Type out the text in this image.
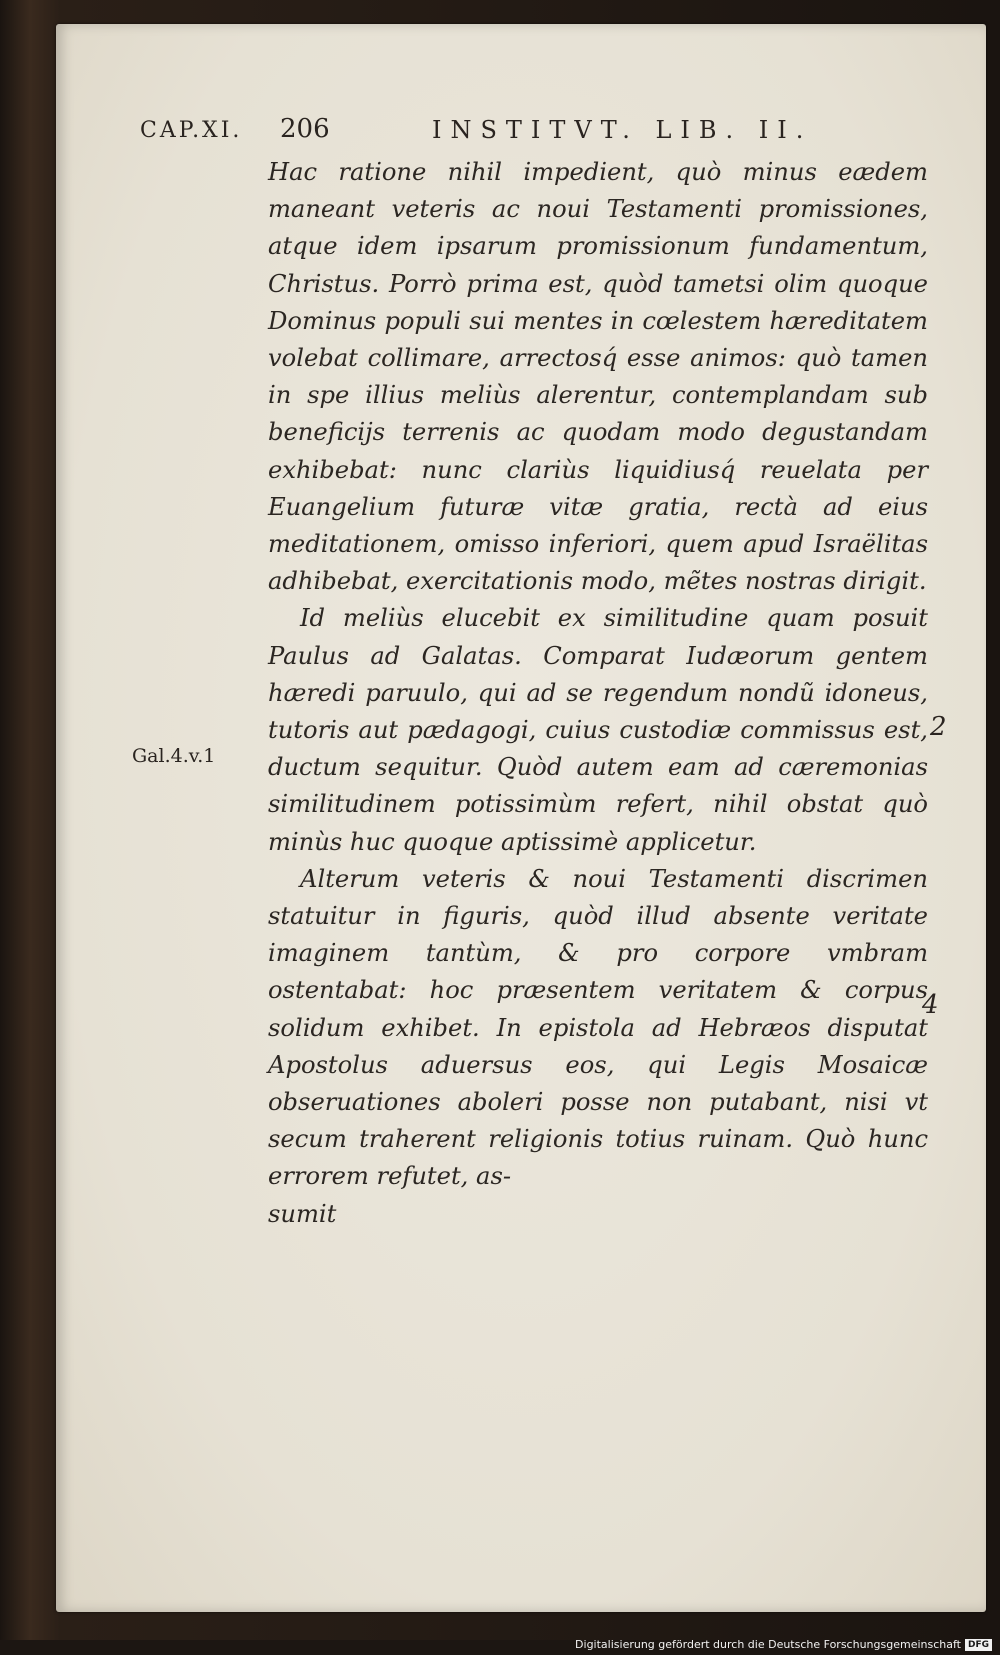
CAP.XI. 206	INSTITVT. LIB. II.
Gal.4.v.1
2
4

Hac ratione nihil impedient, quò minus eædem maneant veteris ac noui Testamenti promissiones, atque idem ipsarum promissionum fundamentum, Christus. Porrò prima est, quòd tametsi olim quoque Dominus populi sui mentes in cœlestem hæreditatem volebat collimare, arrectosq́ esse animos: quò tamen in spe illius meliùs alerentur, contemplandam sub beneficijs terrenis ac quodam modo degustandam exhibebat: nunc clariùs liquidiusq́ reuelata per Euangelium futuræ vitæ gratia, rectà ad eius meditationem, omisso inferiori, quem apud Israëlitas adhibebat, exercitationis modo, mẽtes nostras dirigit.

Id meliùs elucebit ex similitudine quam posuit Paulus ad Galatas. Comparat Iudæorum gentem hæredi paruulo, qui ad se regendum nondũ idoneus, tutoris aut pædagogi, cuius custodiæ commissus est, ductum sequitur. Quòd autem eam ad cæremonias similitudinem potissimùm refert, nihil obstat quò minùs huc quoque aptissimè applicetur.

Alterum veteris & noui Testamenti discrimen statuitur in figuris, quòd illud absente veritate imaginem tantùm, & pro corpore vmbram ostentabat: hoc præsentem veritatem & corpus solidum exhibet. In epistola ad Hebræos disputat Apostolus aduersus eos, qui Legis Mosaicæ obseruationes aboleri posse non putabant, nisi vt secum traherent religionis totius ruinam. Quò hunc errorem refutet, as-

sumit

Digitalisierung gefördert durch die Deutsche Forschungsgemeinschaft DFG
